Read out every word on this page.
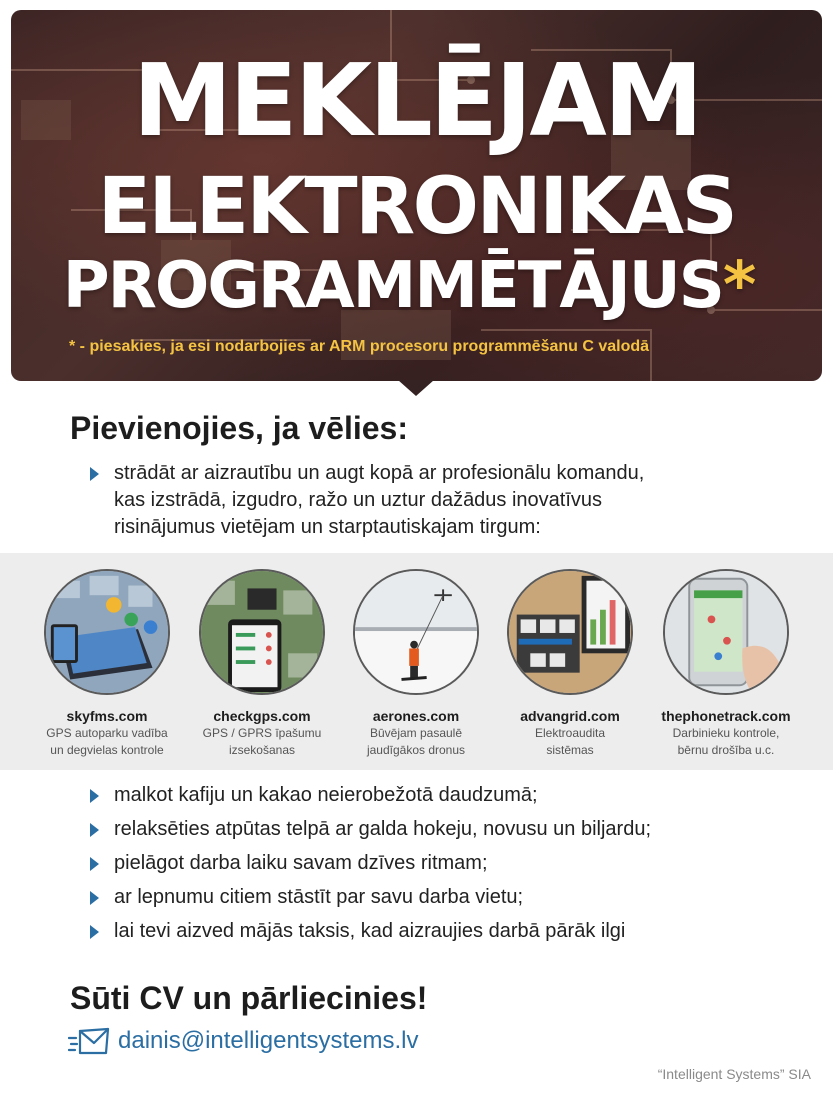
MEKLĒJAM
ELEKTRONIKAS
PROGRAMMĒTĀJUS*
* - piesakies, ja esi nodarbojies ar ARM procesoru programmēšanu C valodā
Pievienojies, ja vēlies:
strādāt ar aizrautību un augt kopā ar profesionālu komandu,
kas izstrādā, izgudro, ražo un uztur dažādus inovatīvus
risinājumus vietējam un starptautiskajam tirgum:
skyfms.com
GPS autoparku vadība
un degvielas kontrole
checkgps.com
GPS / GPRS īpašumu
izsekošanas
aerones.com
Būvējam pasaulē
jaudīgākos dronus
advangrid.com
Elektroaudita
sistēmas
thephonetrack.com
Darbinieku kontrole,
bērnu drošība u.c.
malkot kafiju un kakao neierobežotā daudzumā;
relaksēties atpūtas telpā ar galda hokeju, novusu un biljardu;
pielāgot darba laiku savam dzīves ritmam;
ar lepnumu citiem stāstīt par savu darba vietu;
lai tevi aizved mājās taksis, kad aizraujies darbā pārāk ilgi
Sūti CV un pārliecinies!
dainis@intelligentsystems.lv
“Intelligent Systems” SIA
